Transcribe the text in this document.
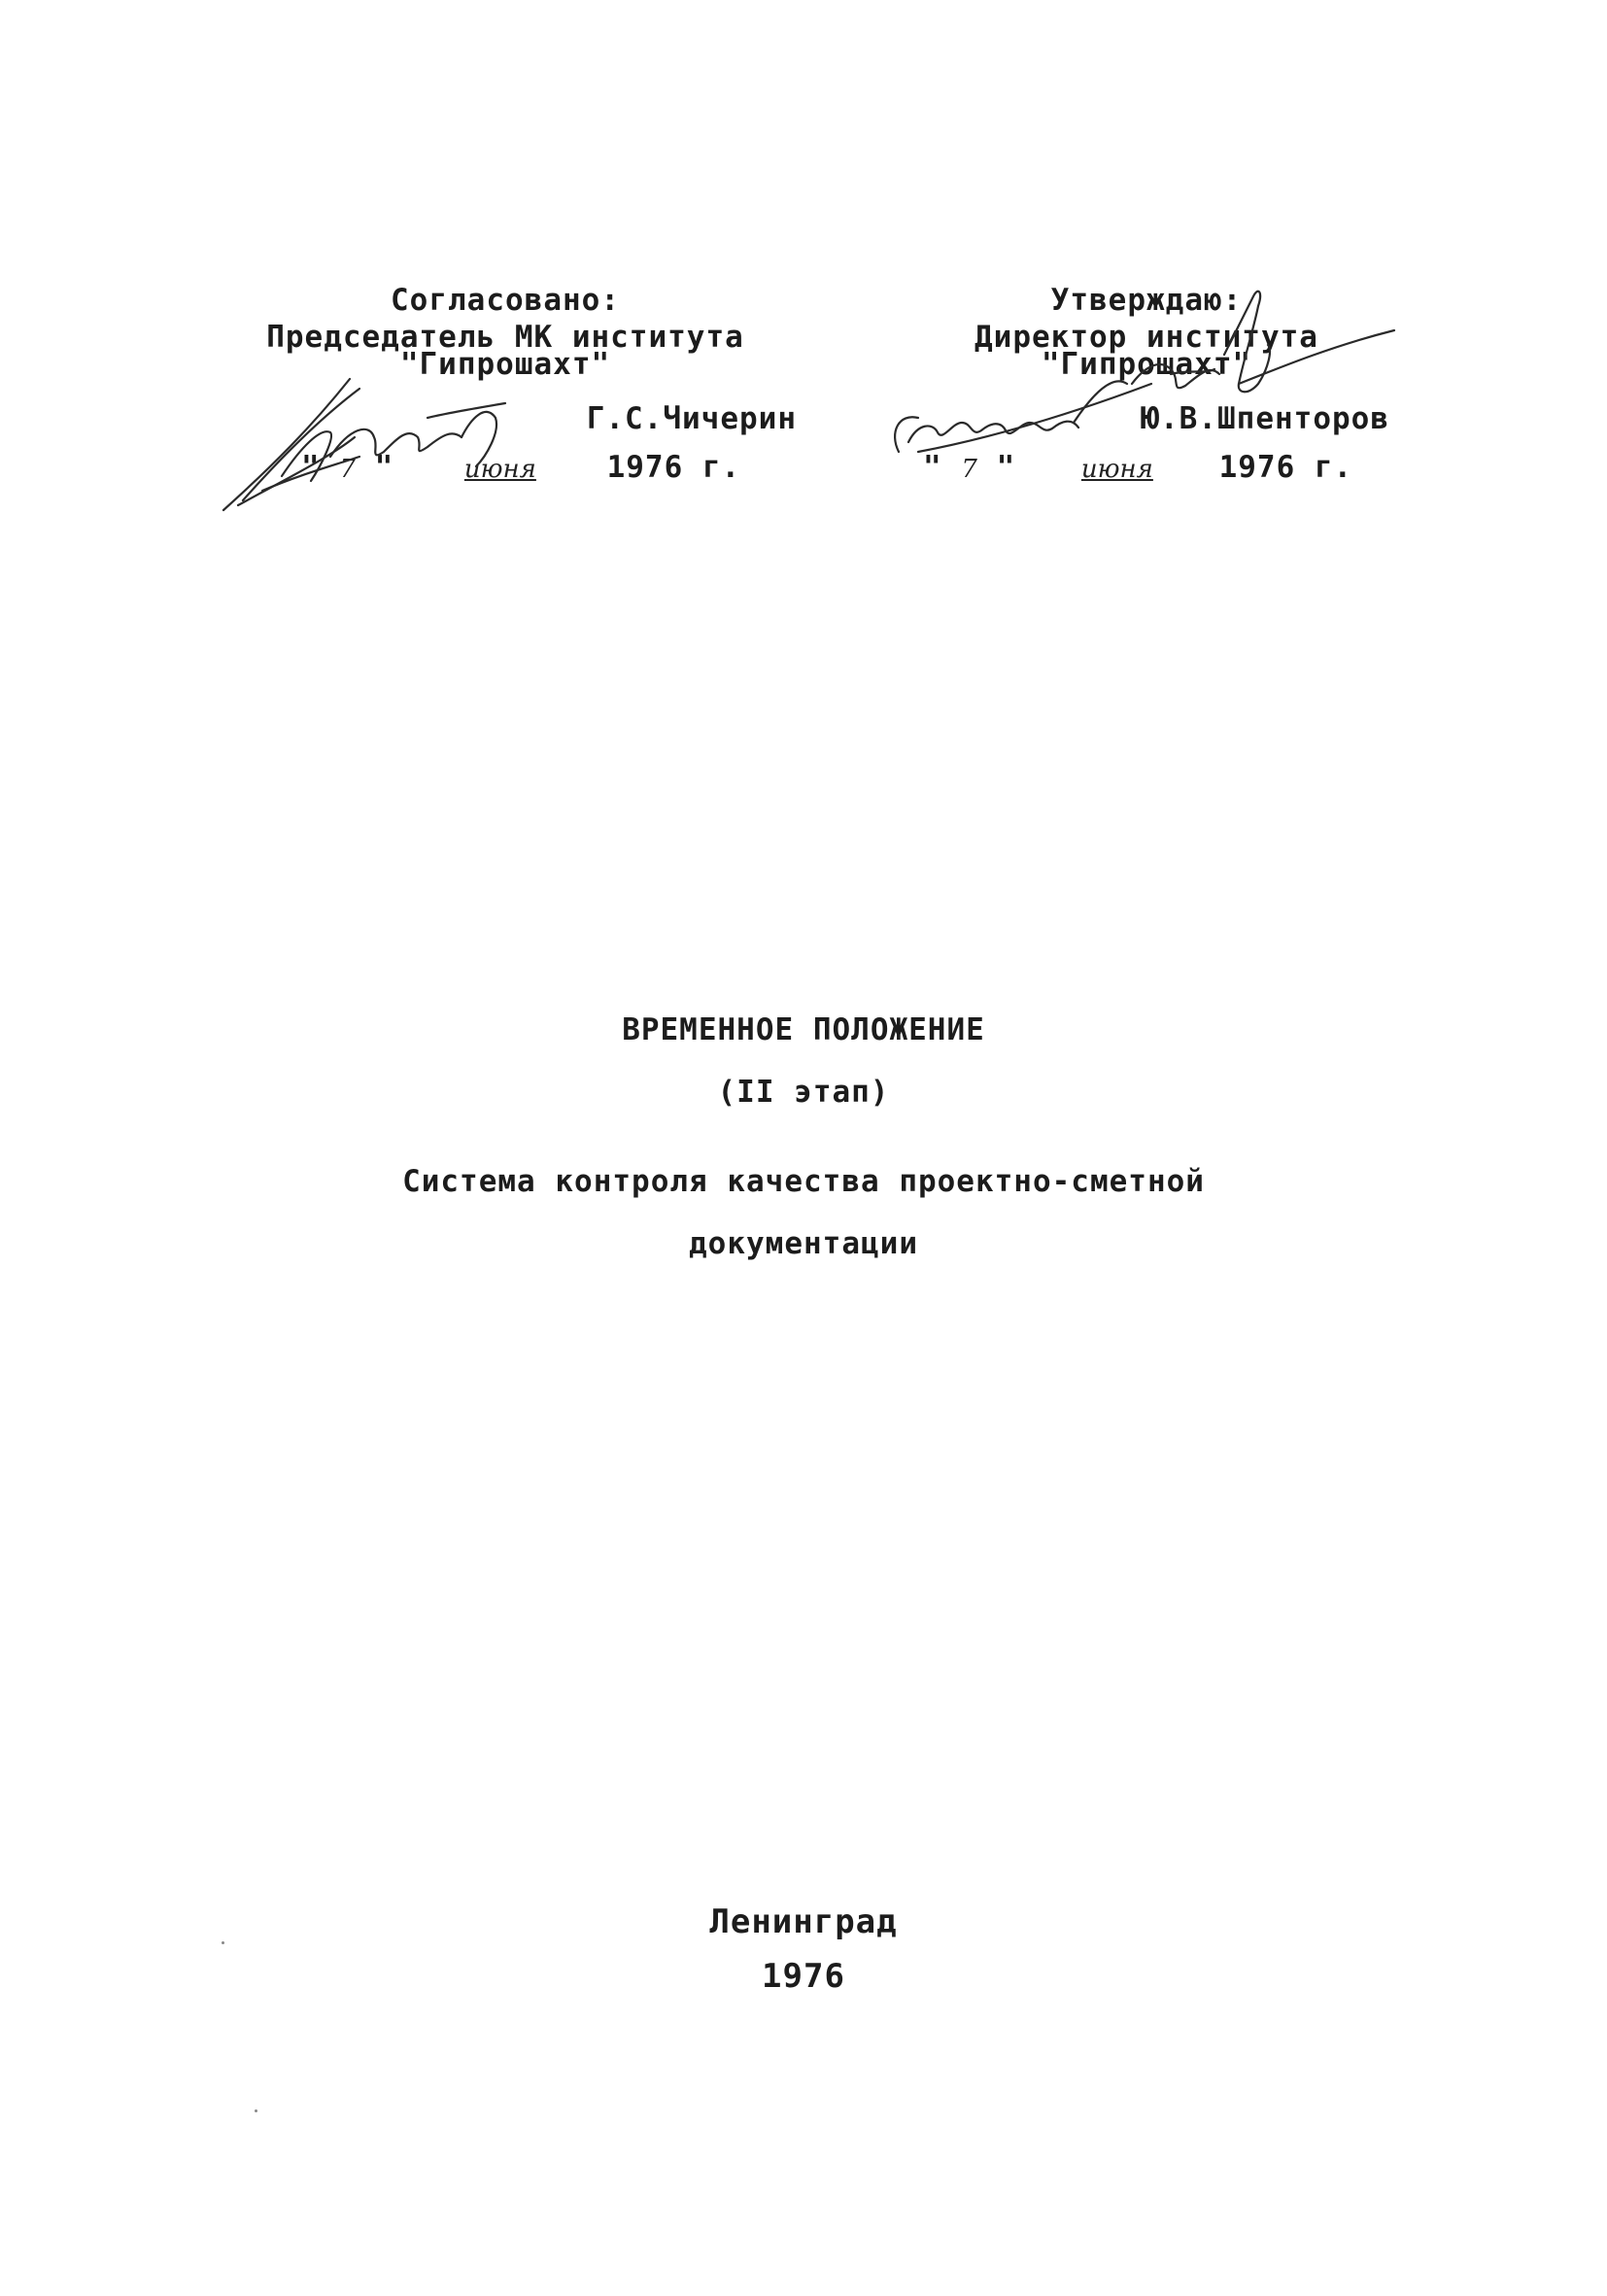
Согласовано:
Председатель МК института
"Гипрошахт"
Г.С.Чичерин
" 7 "	июня 1976 г.
Утверждаю:
Директор института
"Гипрошахт"
Ю.В.Шпенторов
" 7 "	июня 1976 г.
ВРЕМЕННОЕ ПОЛОЖЕНИЕ
(II этап)
Система контроля качества проектно-сметной
документации
Ленинград
1976
